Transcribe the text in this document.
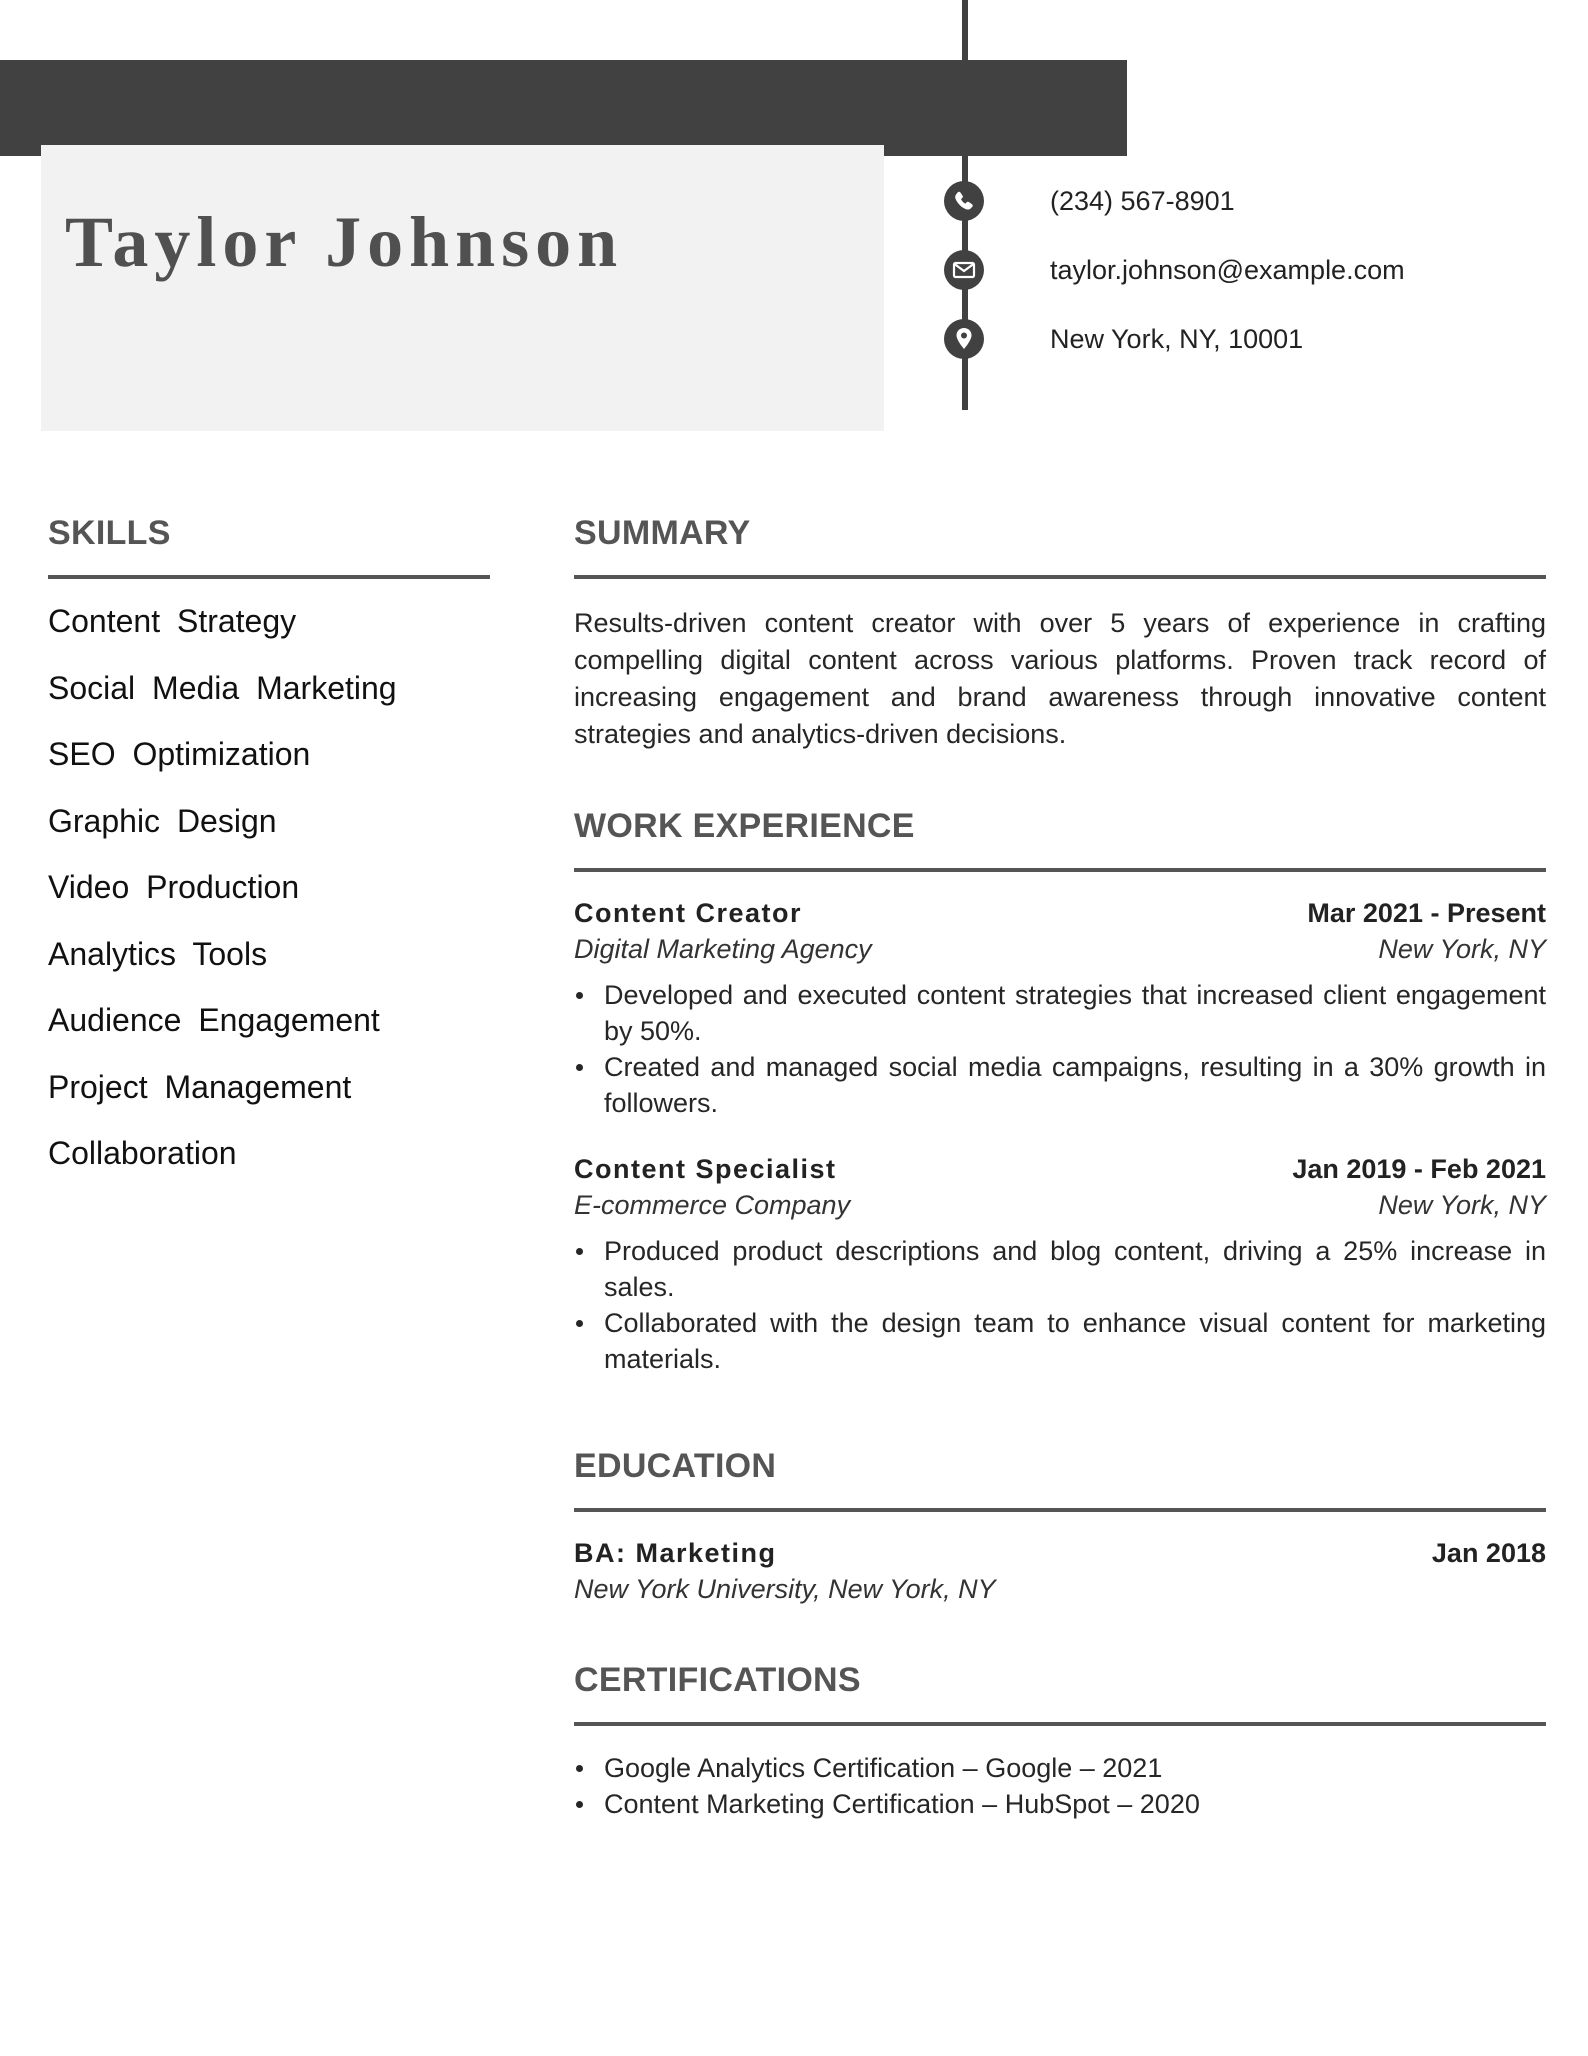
Taylor Johnson
(234) 567-8901
taylor.johnson@example.com
New York, NY, 10001
SKILLS
Content Strategy
Social Media Marketing
SEO Optimization
Graphic Design
Video Production
Analytics Tools
Audience Engagement
Project Management
Collaboration
SUMMARY

Results-driven content creator with over 5 years of experience in crafting compelling digital content across various platforms. Proven track record of increasing engagement and brand awareness through innovative content strategies and analytics-driven decisions.

WORK EXPERIENCE
Content Creator	Mar 2021 - Present
Digital Marketing Agency	New York, NY
Developed and executed content strategies that increased client engagement by 50%.
Created and managed social media campaigns, resulting in a 30% growth in followers.
Content Specialist	Jan 2019 - Feb 2021
E-commerce Company	New York, NY
Produced product descriptions and blog content, driving a 25% increase in sales.
Collaborated with the design team to enhance visual content for marketing materials.
EDUCATION
BA: Marketing	Jan 2018
New York University, New York, NY
CERTIFICATIONS
Google Analytics Certification – Google – 2021
Content Marketing Certification – HubSpot – 2020
